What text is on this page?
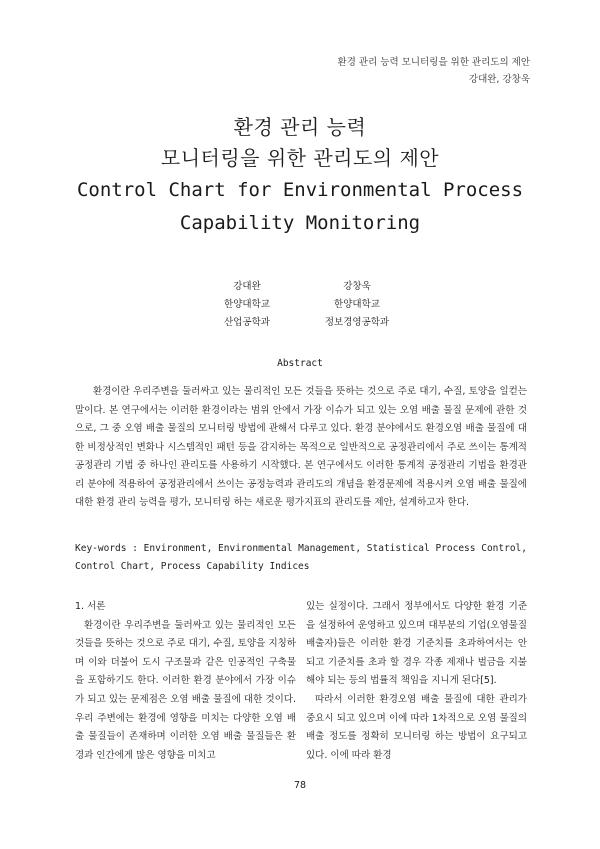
환경 관리 능력 모니터링을 위한 관리도의 제안
강대완, 강창욱
환경 관리 능력
모니터링을 위한 관리도의 제안
Control Chart for Environmental Process
Capability Monitoring
강대완
한양대학교
산업공학과
강창욱
한양대학교
정보경영공학과
Abstract
환경이란 우리주변을 둘러싸고 있는 물리적인 모든 것들을 뜻하는 것으로 주로 대기, 수질, 토양을 일컫는 말이다. 본 연구에서는 이러한 환경이라는 범위 안에서 가장 이슈가 되고 있는 오염 배출 물질 문제에 관한 것으로, 그 중 오염 배출 물질의 모니터링 방법에 관해서 다루고 있다. 환경 분야에서도 환경오염 배출 물질에 대한 비정상적인 변화나 시스템적인 패턴 등을 감지하는 목적으로 일반적으로 공정관리에서 주로 쓰이는 통계적 공정관리 기법 중 하나인 관리도를 사용하기 시작했다. 본 연구에서도 이러한 통계적 공정관리 기법을 환경관리 분야에 적용하여 공정관리에서 쓰이는 공정능력과 관리도의 개념을 환경문제에 적용시켜 오염 배출 물질에 대한 환경 관리 능력을 평가, 모니터링 하는 새로운 평가지표의 관리도를 제안, 설계하고자 한다.
Key-words : Environment, Environmental Management, Statistical Process Control, Control Chart, Process Capability Indices
1. 서론

환경이란 우리주변을 둘러싸고 있는 물리적인 모든 것들을 뜻하는 것으로 주로 대기, 수질, 토양을 지칭하며 이와 더불어 도시 구조물과 같은 인공적인 구축물을 포함하기도 한다. 이러한 환경 분야에서 가장 이슈가 되고 있는 문제점은 오염 배출 물질에 대한 것이다. 우리 주변에는 환경에 영향을 미치는 다양한 오염 배출 물질들이 존재하며 이러한 오염 배출 물질들은 환경과 인간에게 많은 영향을 미치고

있는 실정이다. 그래서 정부에서도 다양한 환경 기준을 설정하여 운영하고 있으며 대부분의 기업(오염물질 배출자)들은 이러한 환경 기준치를 초과하여서는 안 되고 기준치를 초과 할 경우 각종 제재나 벌금을 지불해야 되는 등의 법률적 책임을 지니게 된다[5].

따라서 이러한 환경오염 배출 물질에 대한 관리가 중요시 되고 있으며 이에 따라 1차적으로 오염 물질의 배출 정도를 정확히 모니터링 하는 방법이 요구되고 있다. 이에 따라 환경

78
